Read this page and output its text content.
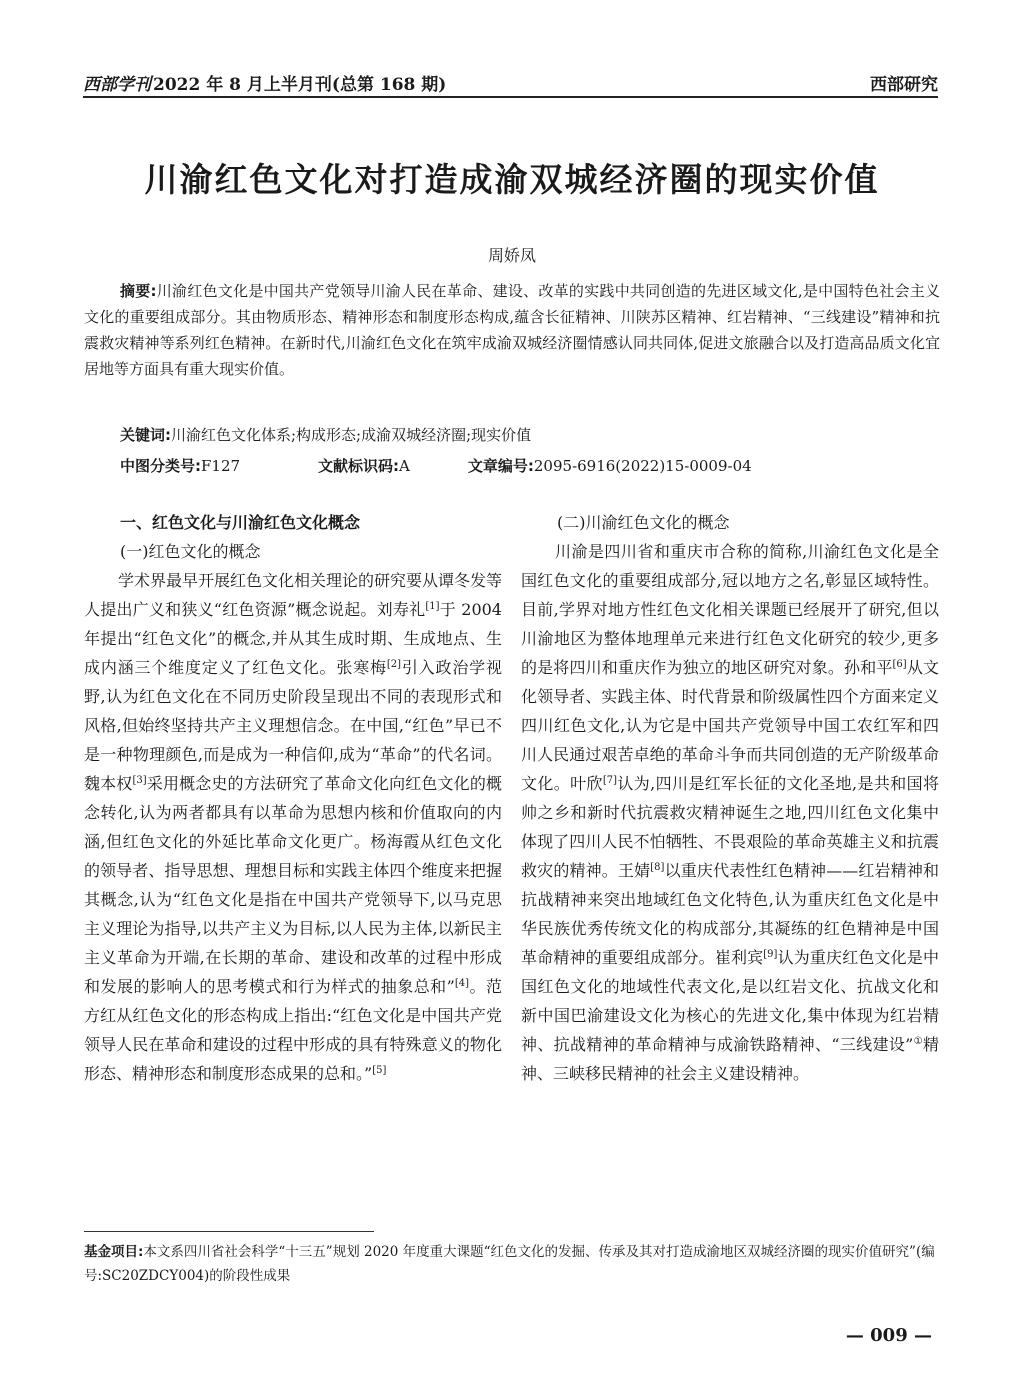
西部学刊 2022 年 8 月上半月刊(总第 168 期)	西部研究
川渝红色文化对打造成渝双城经济圈的现实价值
周娇凤
摘要:川渝红色文化是中国共产党领导川渝人民在革命、建设、改革的实践中共同创造的先进区域文化,是中国特色社会主义文化的重要组成部分。其由物质形态、精神形态和制度形态构成,蕴含长征精神、川陕苏区精神、红岩精神、“三线建设”精神和抗震救灾精神等系列红色精神。在新时代,川渝红色文化在筑牢成渝双城经济圈情感认同共同体,促进文旅融合以及打造高品质文化宜居地等方面具有重大现实价值。
关键词:川渝红色文化体系;构成形态;成渝双城经济圈;现实价值
中图分类号:F127	文献标识码:A	文章编号:2095-6916(2022)15-0009-04

一、红色文化与川渝红色文化概念

(一)红色文化的概念

学术界最早开展红色文化相关理论的研究要从谭冬发等人提出广义和狭义“红色资源”概念说起。刘寿礼[1]于 2004 年提出“红色文化”的概念,并从其生成时期、生成地点、生成内涵三个维度定义了红色文化。张寒梅[2]引入政治学视野,认为红色文化在不同历史阶段呈现出不同的表现形式和风格,但始终坚持共产主义理想信念。在中国,“红色”早已不是一种物理颜色,而是成为一种信仰,成为“革命”的代名词。魏本权[3]采用概念史的方法研究了革命文化向红色文化的概念转化,认为两者都具有以革命为思想内核和价值取向的内涵,但红色文化的外延比革命文化更广。杨海霞从红色文化的领导者、指导思想、理想目标和实践主体四个维度来把握其概念,认为“红色文化是指在中国共产党领导下,以马克思主义理论为指导,以共产主义为目标,以人民为主体,以新民主主义革命为开端,在长期的革命、建设和改革的过程中形成和发展的影响人的思考模式和行为样式的抽象总和”[4]。范方红从红色文化的形态构成上指出:“红色文化是中国共产党领导人民在革命和建设的过程中形成的具有特殊意义的物化形态、精神形态和制度形态成果的总和。”[5]

(二)川渝红色文化的概念

川渝是四川省和重庆市合称的简称,川渝红色文化是全国红色文化的重要组成部分,冠以地方之名,彰显区域特性。目前,学界对地方性红色文化相关课题已经展开了研究,但以川渝地区为整体地理单元来进行红色文化研究的较少,更多的是将四川和重庆作为独立的地区研究对象。孙和平[6]从文化领导者、实践主体、时代背景和阶级属性四个方面来定义四川红色文化,认为它是中国共产党领导中国工农红军和四川人民通过艰苦卓绝的革命斗争而共同创造的无产阶级革命文化。叶欣[7]认为,四川是红军长征的文化圣地,是共和国将帅之乡和新时代抗震救灾精神诞生之地,四川红色文化集中体现了四川人民不怕牺牲、不畏艰险的革命英雄主义和抗震救灾的精神。王婧[8]以重庆代表性红色精神——红岩精神和抗战精神来突出地域红色文化特色,认为重庆红色文化是中华民族优秀传统文化的构成部分,其凝练的红色精神是中国革命精神的重要组成部分。崔利宾[9]认为重庆红色文化是中国红色文化的地域性代表文化,是以红岩文化、抗战文化和新中国巴渝建设文化为核心的先进文化,集中体现为红岩精神、抗战精神的革命精神与成渝铁路精神、“三线建设”①精神、三峡移民精神的社会主义建设精神。

基金项目:本文系四川省社会科学“十三五”规划 2020 年度重大课题“红色文化的发掘、传承及其对打造成渝地区双城经济圈的现实价值研究”(编号:SC20ZDCY004)的阶段性成果
— 009 —
